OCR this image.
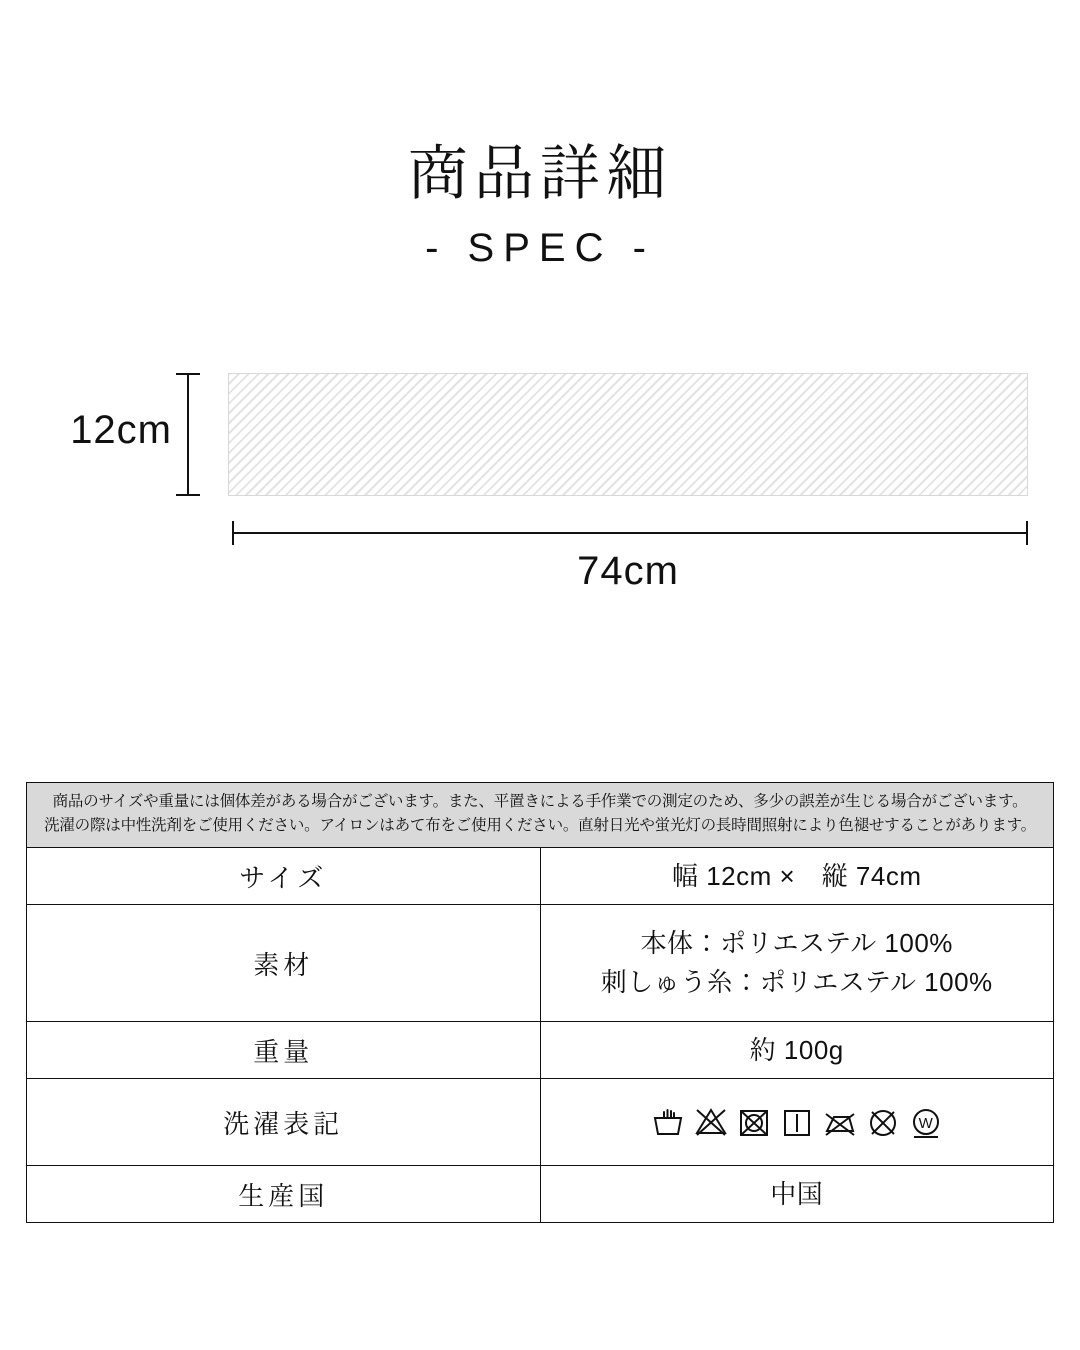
商品詳細
- SPEC -
12cm
74cm
商品のサイズや重量には個体差がある場合がございます。また、平置きによる手作業での測定のため、多少の誤差が生じる場合がございます。
洗濯の際は中性洗剤をご使用ください。アイロンはあて布をご使用ください。直射日光や蛍光灯の長時間照射により色褪せすることがあります。	

サイズ	幅 12cm ×　縦 74cm

素材	本体：ポリエステル 100%
刺しゅう糸：ポリエステル 100%

重量	約 100g

洗濯表記	W

生産国	中国
